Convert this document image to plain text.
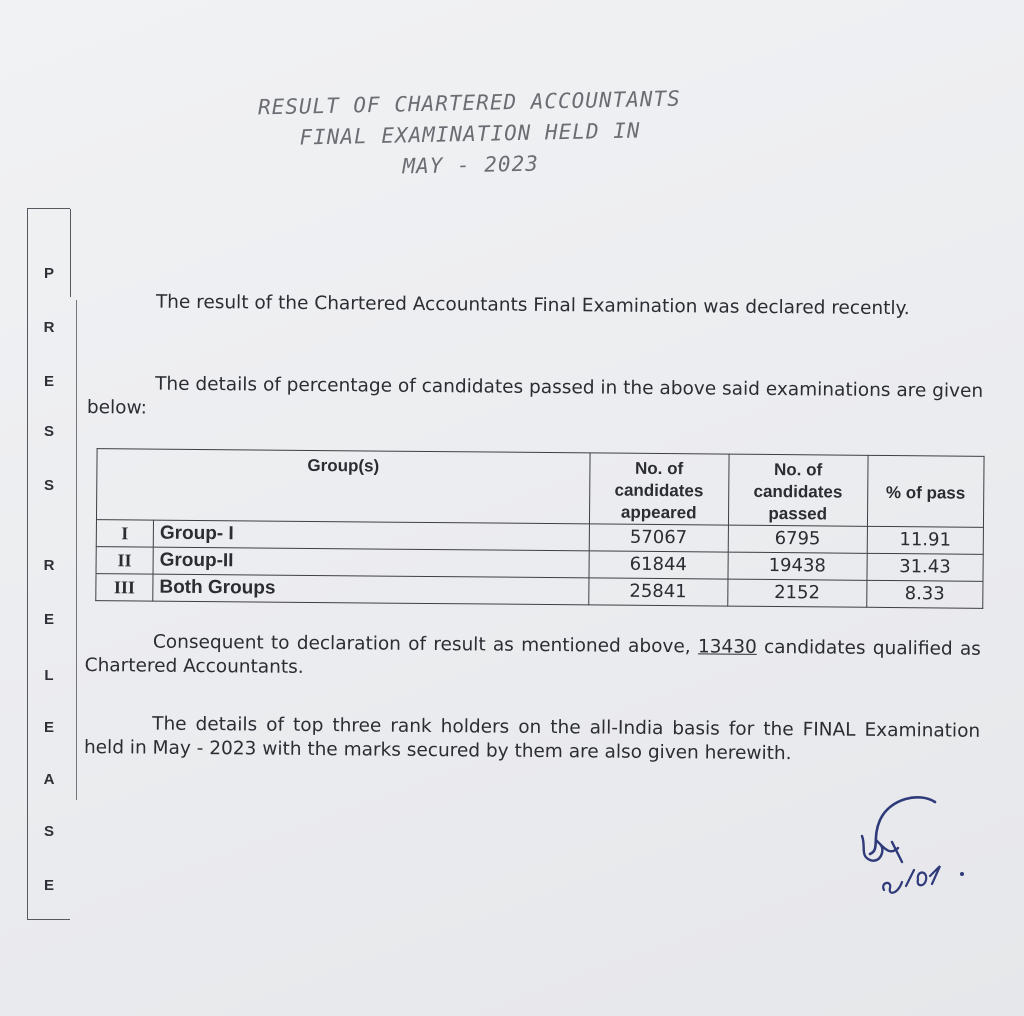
RESULT OF CHARTERED ACCOUNTANTS
FINAL EXAMINATION HELD IN
MAY - 2023
P
R
E
S
S
R
E
L
E
A
S
E
The result of the Chartered Accountants Final Examination was declared recently.
The details of percentage of candidates passed in the above said examinations are given below:
Group(s)		No. of candidates appeared	No. of candidates passed	% of pass
I	Group- I	57067	6795	11.91
II	Group-II	61844	19438	31.43
III	Both Groups	25841	2152	8.33
Consequent to declaration of result as mentioned above, 13430 candidates qualified as Chartered Accountants.
The details of top three rank holders on the all-India basis for the FINAL Examination held in May - 2023 with the marks secured by them are also given herewith.
